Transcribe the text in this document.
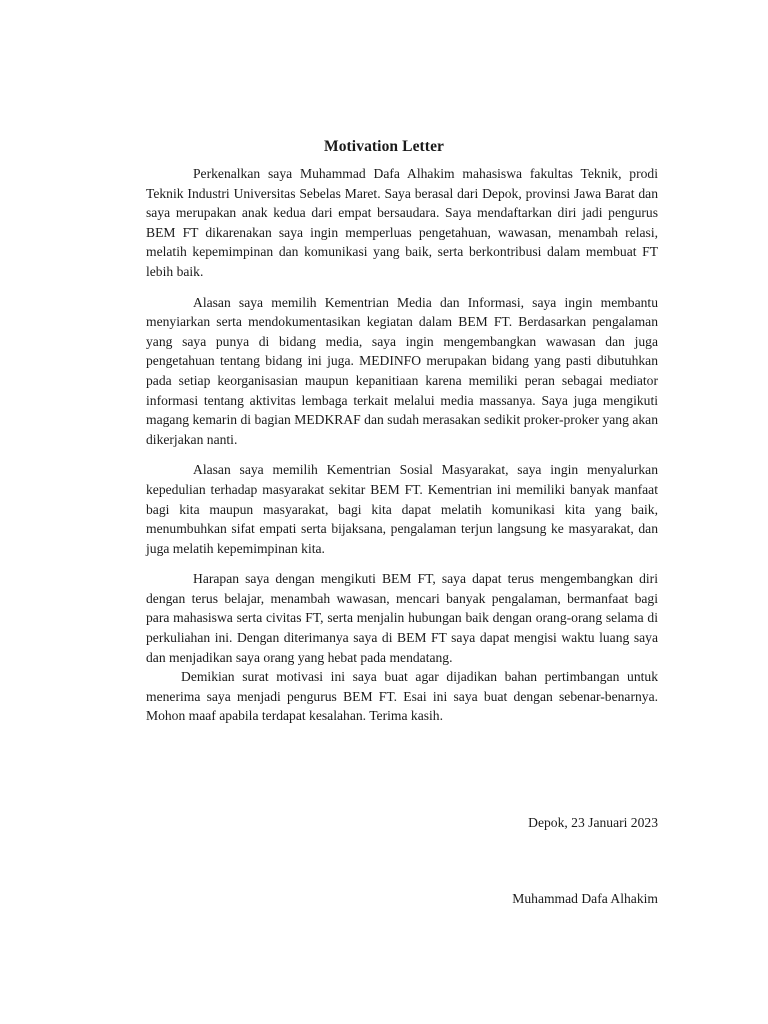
Motivation Letter

Perkenalkan saya Muhammad Dafa Alhakim mahasiswa fakultas Teknik, prodi Teknik Industri Universitas Sebelas Maret. Saya berasal dari Depok, provinsi Jawa Barat dan saya merupakan anak kedua dari empat bersaudara. Saya mendaftarkan diri jadi pengurus BEM FT dikarenakan saya ingin memperluas pengetahuan, wawasan, menambah relasi, melatih kepemimpinan dan komunikasi yang baik, serta berkontribusi dalam membuat FT lebih baik.

Alasan saya memilih Kementrian Media dan Informasi, saya ingin membantu menyiarkan serta mendokumentasikan kegiatan dalam BEM FT. Berdasarkan pengalaman yang saya punya di bidang media, saya ingin mengembangkan wawasan dan juga pengetahuan tentang bidang ini juga. MEDINFO merupakan bidang yang pasti dibutuhkan pada setiap keorganisasian maupun kepanitiaan karena memiliki peran sebagai mediator informasi tentang aktivitas lembaga terkait melalui media massanya. Saya juga mengikuti magang kemarin di bagian MEDKRAF dan sudah merasakan sedikit proker-proker yang akan dikerjakan nanti.

Alasan saya memilih Kementrian Sosial Masyarakat, saya ingin menyalurkan kepedulian terhadap masyarakat sekitar BEM FT. Kementrian ini memiliki banyak manfaat bagi kita maupun masyarakat, bagi kita dapat melatih komunikasi kita yang baik, menumbuhkan sifat empati serta bijaksana, pengalaman terjun langsung ke masyarakat, dan juga melatih kepemimpinan kita.

Harapan saya dengan mengikuti BEM FT, saya dapat terus mengembangkan diri dengan terus belajar, menambah wawasan, mencari banyak pengalaman, bermanfaat bagi para mahasiswa serta civitas FT, serta menjalin hubungan baik dengan orang-orang selama di perkuliahan ini. Dengan diterimanya saya di BEM FT saya dapat mengisi waktu luang saya dan menjadikan saya orang yang hebat pada mendatang.

Demikian surat motivasi ini saya buat agar dijadikan bahan pertimbangan untuk menerima saya menjadi pengurus BEM FT. Esai ini saya buat dengan sebenar-benarnya. Mohon maaf apabila terdapat kesalahan. Terima kasih.

Depok, 23 Januari 2023
Muhammad Dafa Alhakim
